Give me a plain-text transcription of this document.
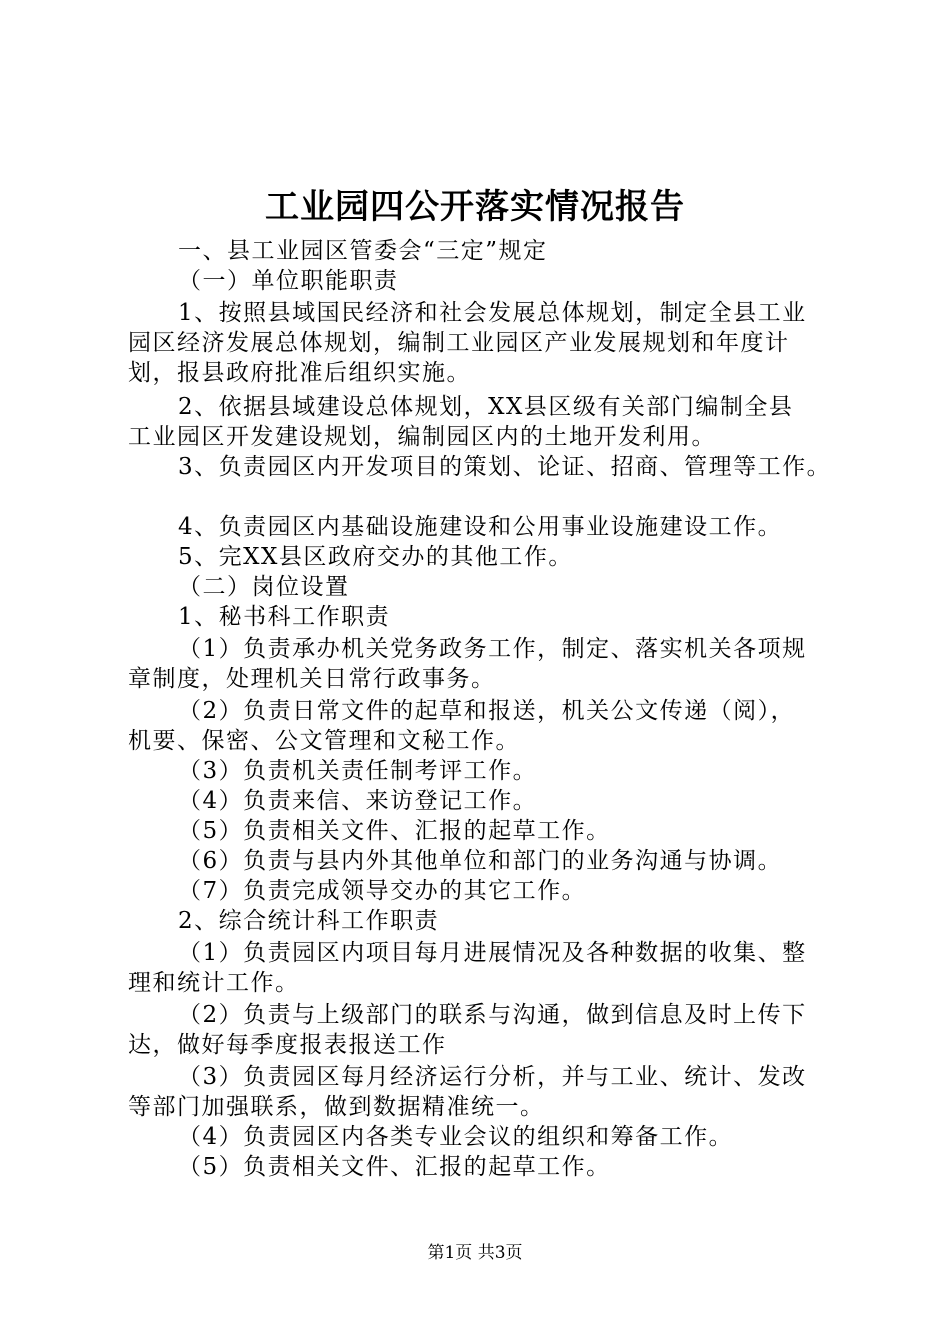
工业园四公开落实情况报告
一、县工业园区管委会“三定”规定
（一）单位职能职责
1、按照县域国民经济和社会发展总体规划，制定全县工业
园区经济发展总体规划，编制工业园区产业发展规划和年度计
划，报县政府批准后组织实施。
2、依据县域建设总体规划，XX县区级有关部门编制全县
工业园区开发建设规划，编制园区内的土地开发利用。
3、负责园区内开发项目的策划、论证、招商、管理等工作。
4、负责园区内基础设施建设和公用事业设施建设工作。
5、完XX县区政府交办的其他工作。
（二）岗位设置
1、秘书科工作职责
（1）负责承办机关党务政务工作，制定、落实机关各项规
章制度，处理机关日常行政事务。
（2）负责日常文件的起草和报送，机关公文传递（阅），
机要、保密、公文管理和文秘工作。
（3）负责机关责任制考评工作。
（4）负责来信、来访登记工作。
（5）负责相关文件、汇报的起草工作。
（6）负责与县内外其他单位和部门的业务沟通与协调。
（7）负责完成领导交办的其它工作。
2、综合统计科工作职责
（1）负责园区内项目每月进展情况及各种数据的收集、整
理和统计工作。
（2）负责与上级部门的联系与沟通，做到信息及时上传下
达，做好每季度报表报送工作
（3）负责园区每月经济运行分析，并与工业、统计、发改
等部门加强联系，做到数据精准统一。
（4）负责园区内各类专业会议的组织和筹备工作。
（5）负责相关文件、汇报的起草工作。
第1页 共3页
